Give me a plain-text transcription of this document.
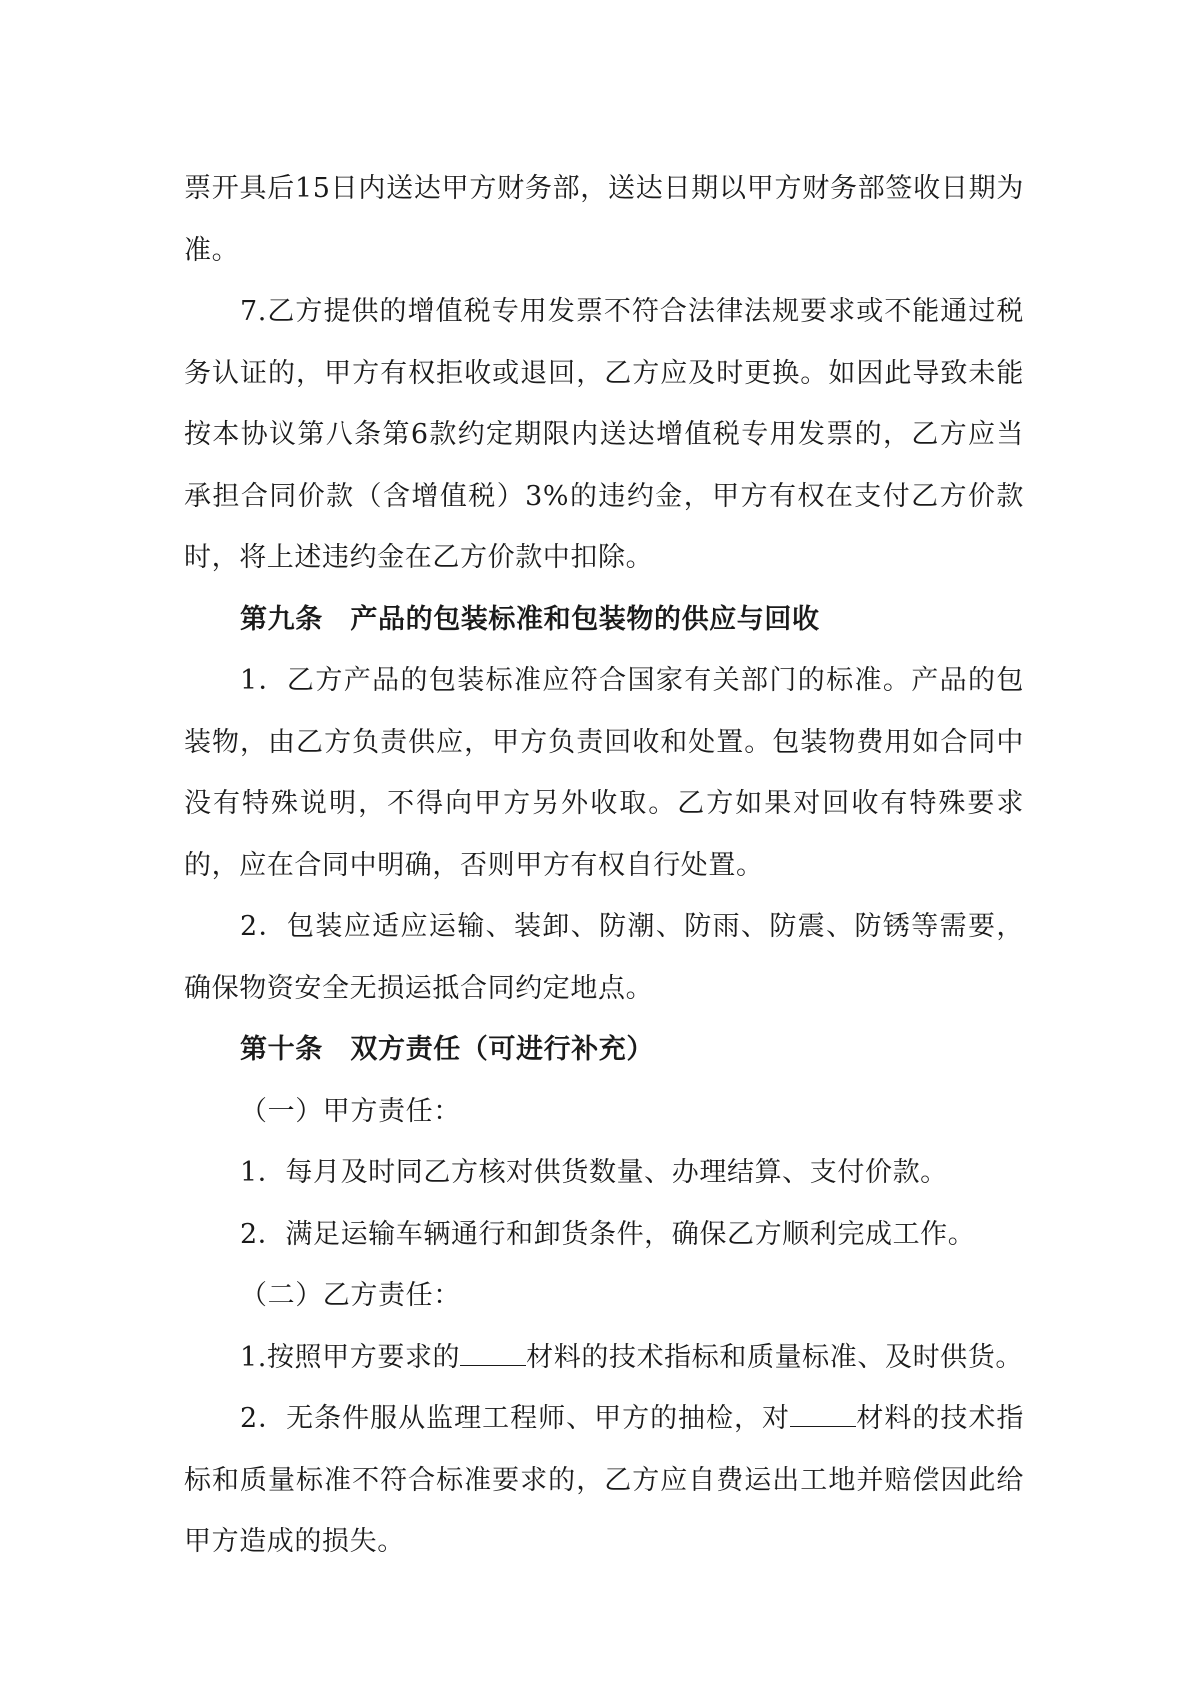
票开具后15日内送达甲方财务部，送达日期以甲方财务部签收日期为准。

7.乙方提供的增值税专用发票不符合法律法规要求或不能通过税务认证的，甲方有权拒收或退回，乙方应及时更换。如因此导致未能按本协议第八条第6款约定期限内送达增值税专用发票的，乙方应当承担合同价款（含增值税）3%的违约金，甲方有权在支付乙方价款时，将上述违约金在乙方价款中扣除。

第九条　产品的包装标准和包装物的供应与回收

1．乙方产品的包装标准应符合国家有关部门的标准。产品的包装物，由乙方负责供应，甲方负责回收和处置。包装物费用如合同中没有特殊说明，不得向甲方另外收取。乙方如果对回收有特殊要求的，应在合同中明确，否则甲方有权自行处置。

2．包装应适应运输、装卸、防潮、防雨、防震、防锈等需要，确保物资安全无损运抵合同约定地点。

第十条　双方责任（可进行补充）

（一）甲方责任：

1．每月及时同乙方核对供货数量、办理结算、支付价款。

2．满足运输车辆通行和卸货条件，确保乙方顺利完成工作。

（二）乙方责任：

1.按照甲方要求的 材料的技术指标和质量标准、及时供货。

2．无条件服从监理工程师、甲方的抽检，对 材料的技术指标和质量标准不符合标准要求的，乙方应自费运出工地并赔偿因此给甲方造成的损失。
